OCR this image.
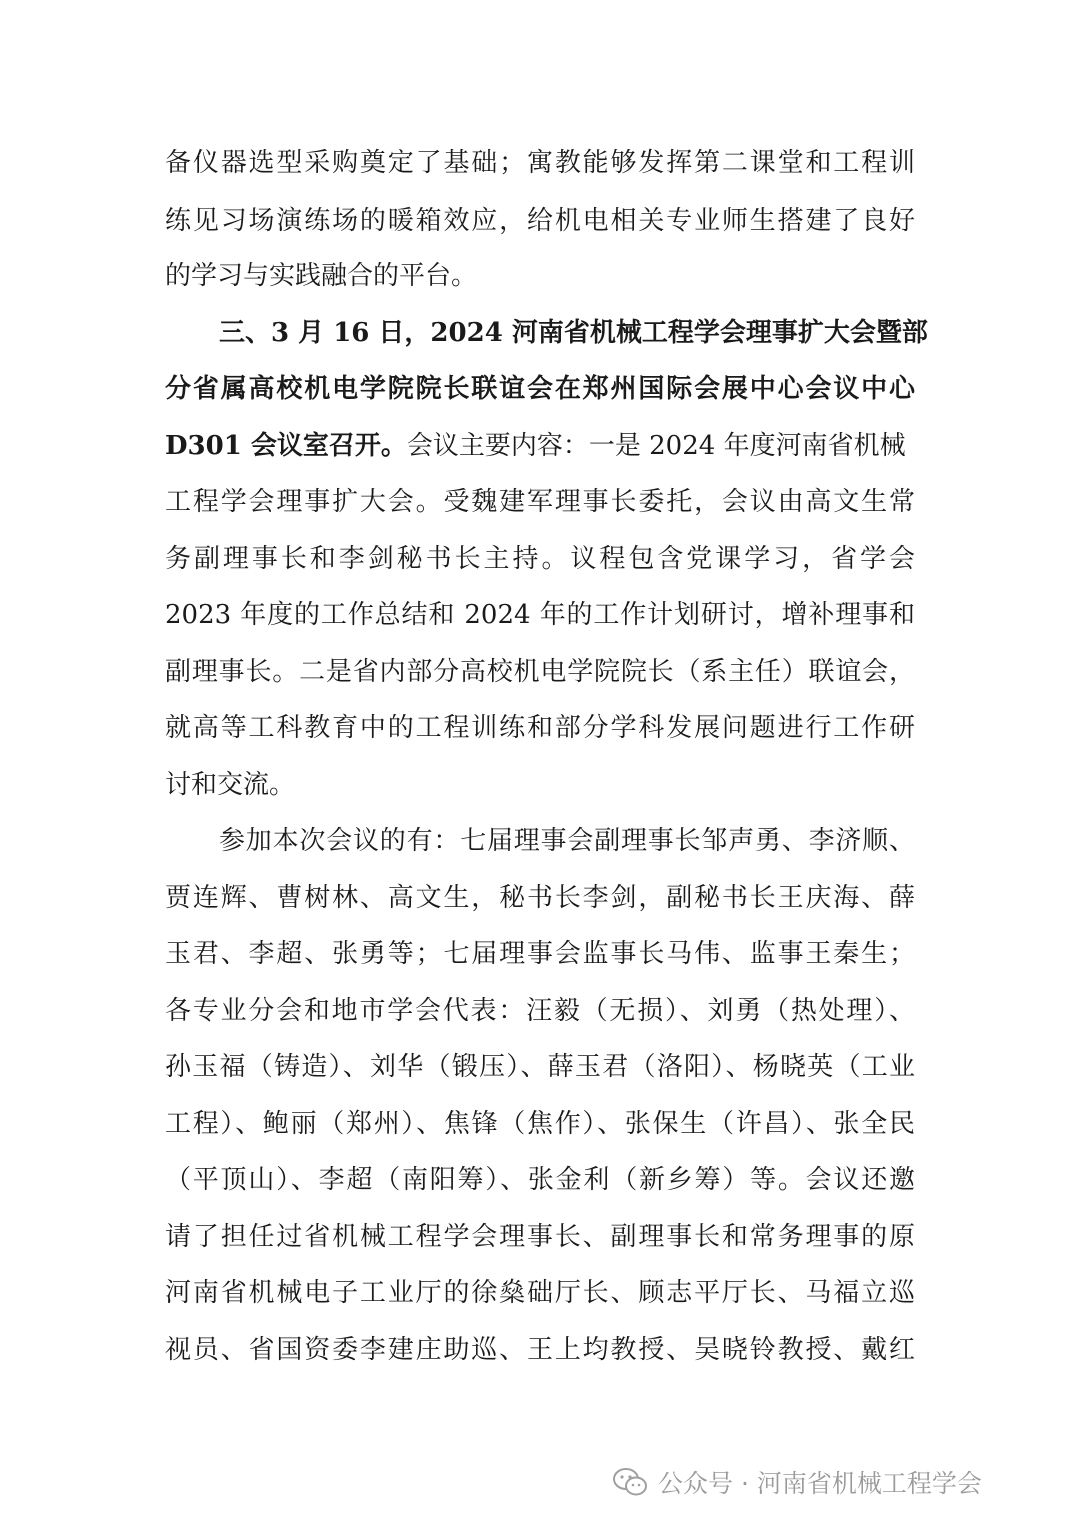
备仪器选型采购奠定了基础；寓教能够发挥第二课堂和工程训
练见习场演练场的暖箱效应，给机电相关专业师生搭建了良好
的学习与实践融合的平台。
三、3 月 16 日，2024 河南省机械工程学会理事扩大会暨部
分省属高校机电学院院长联谊会在郑州国际会展中心会议中心
D301 会议室召开。会议主要内容：一是 2024 年度河南省机械
工程学会理事扩大会。受魏建军理事长委托，会议由高文生常
务副理事长和李剑秘书长主持。议程包含党课学习，省学会
2023 年度的工作总结和 2024 年的工作计划研讨，增补理事和
副理事长。二是省内部分高校机电学院院长（系主任）联谊会，
就高等工科教育中的工程训练和部分学科发展问题进行工作研
讨和交流。
参加本次会议的有：七届理事会副理事长邹声勇、李济顺、
贾连辉、曹树林、高文生，秘书长李剑，副秘书长王庆海、薛
玉君、李超、张勇等；七届理事会监事长马伟、监事王秦生；
各专业分会和地市学会代表：汪毅（无损）、刘勇（热处理）、
孙玉福（铸造）、刘华（锻压）、薛玉君（洛阳）、杨晓英（工业
工程）、鲍丽（郑州）、焦锋（焦作）、张保生（许昌）、张全民
（平顶山）、李超（南阳筹）、张金利（新乡筹）等。会议还邀
请了担任过省机械工程学会理事长、副理事长和常务理事的原
河南省机械电子工业厅的徐燊础厅长、顾志平厅长、马福立巡
视员、省国资委李建庄助巡、王上均教授、吴晓铃教授、戴红
公众号 · 河南省机械工程学会
